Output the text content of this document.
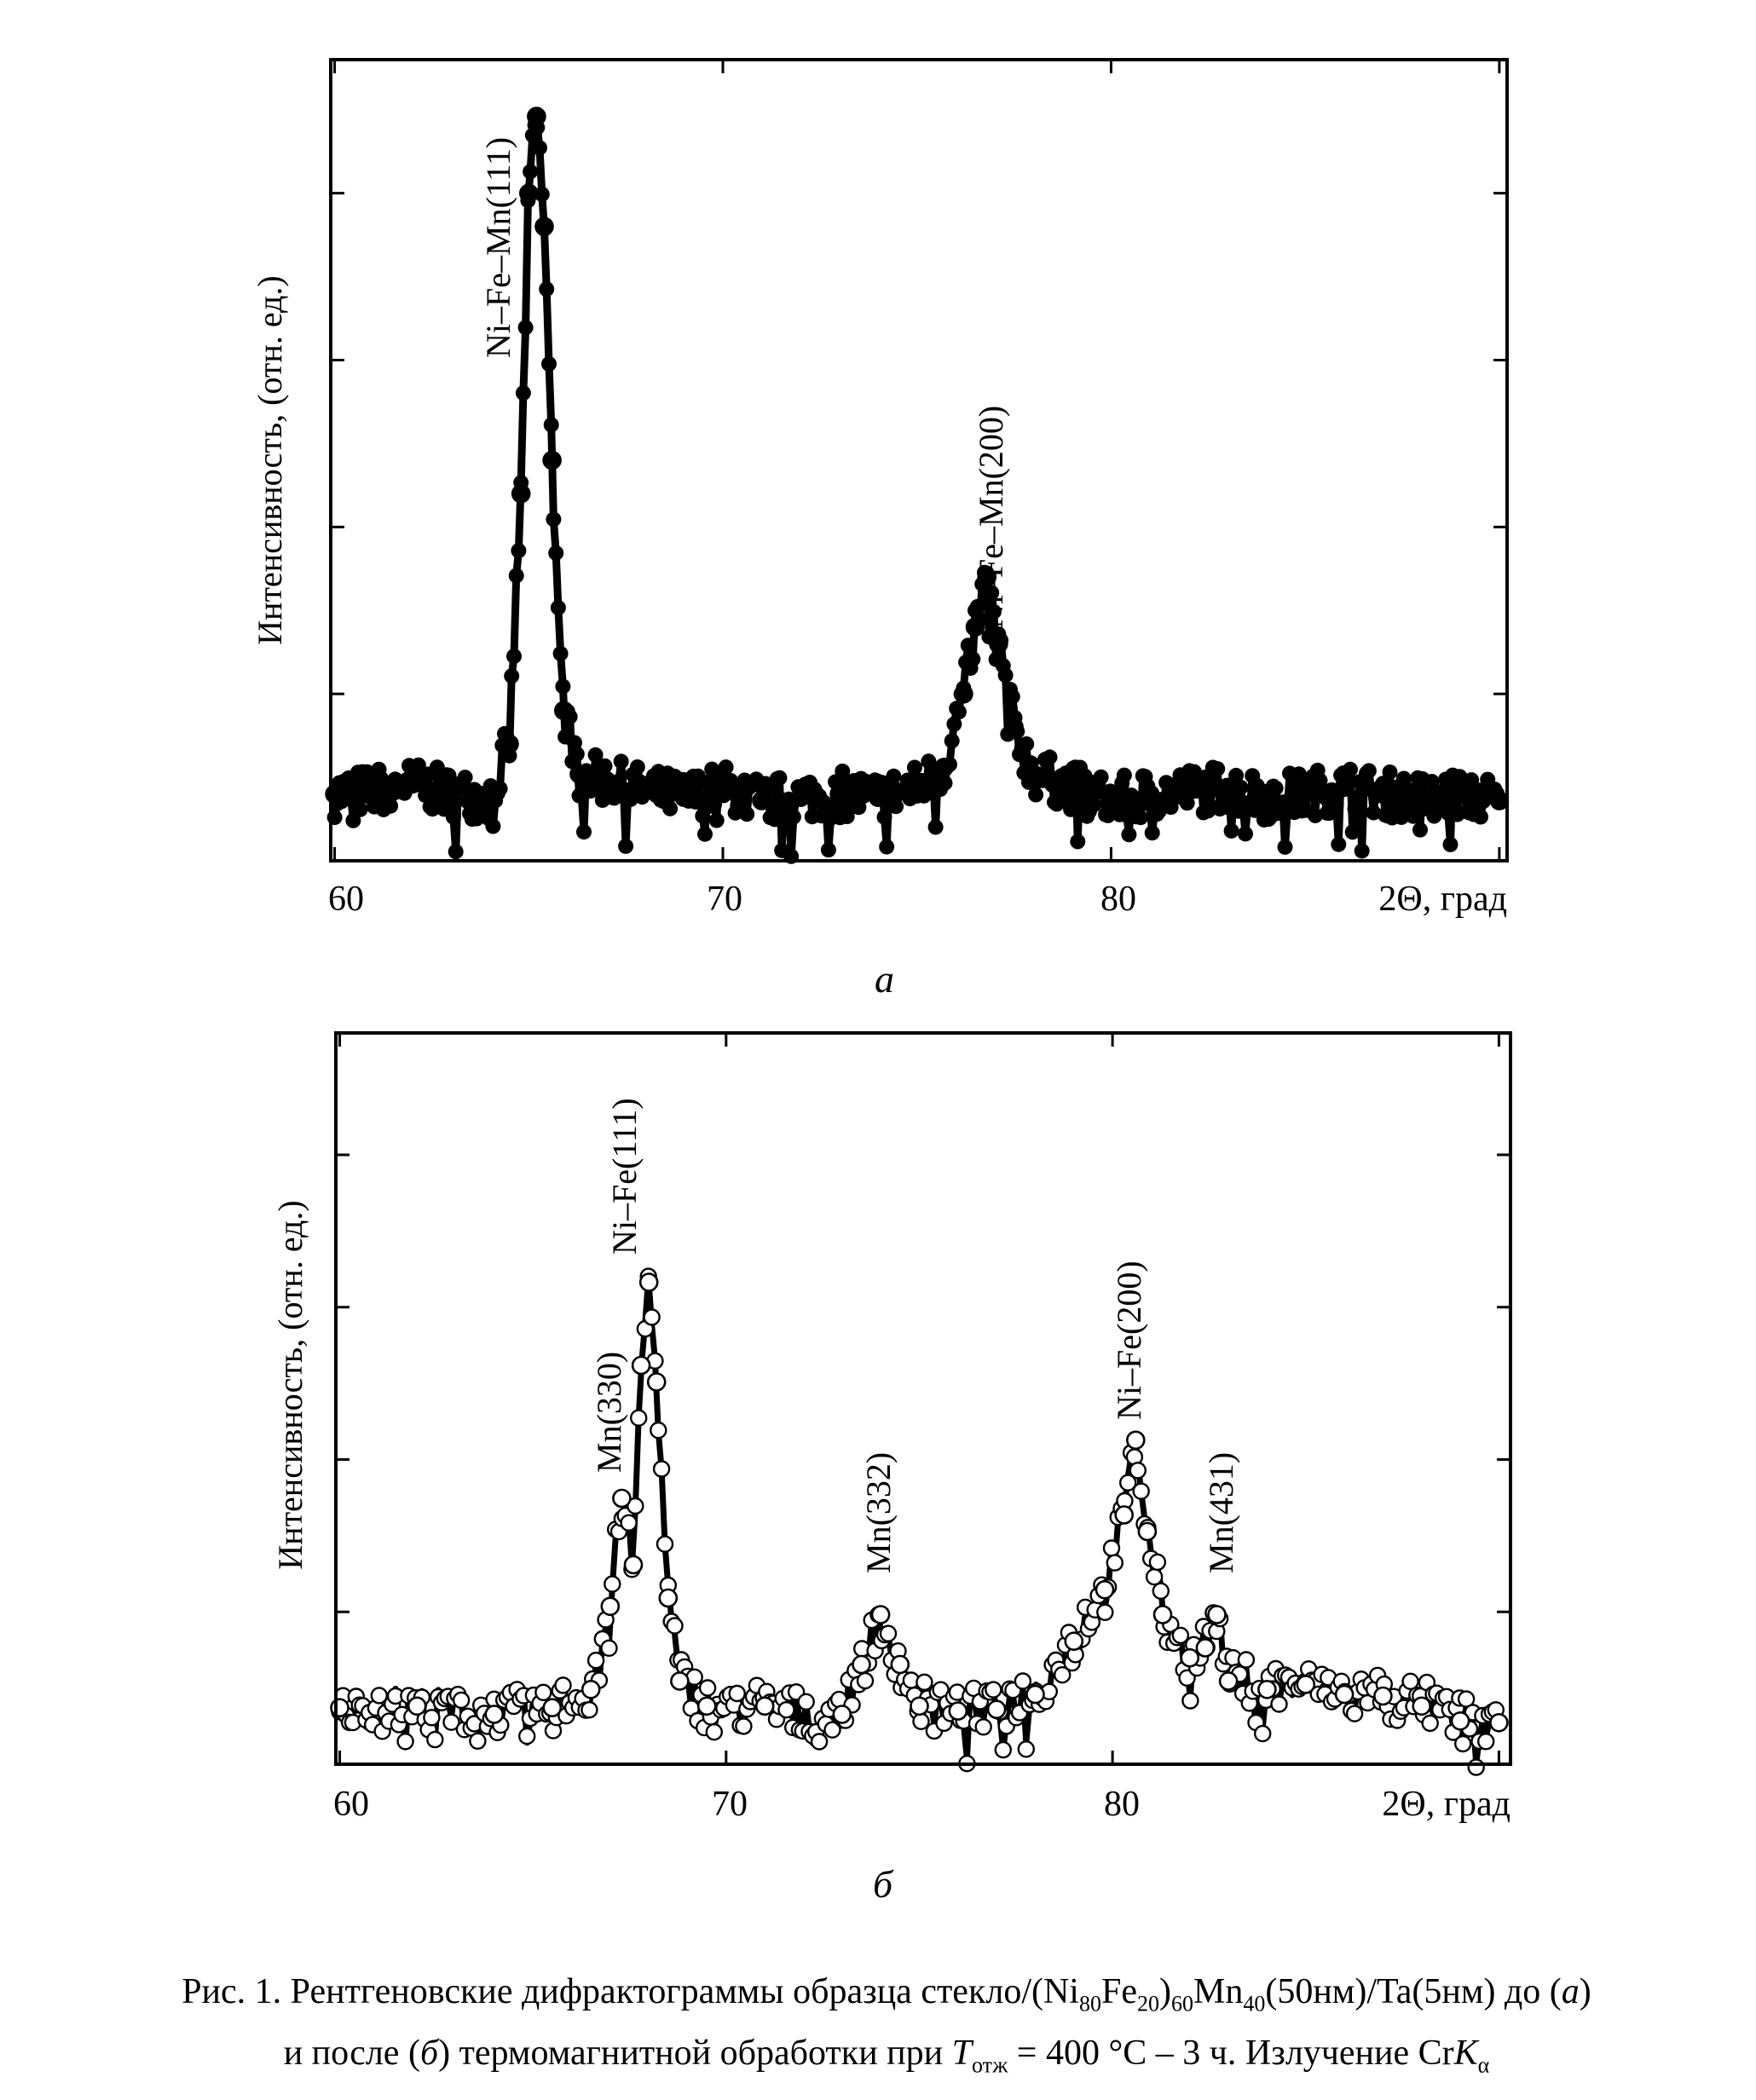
60	70	80	2Θ, град
Интенсивность, (отн. ед.)
Ni–Fe–Mn(111)
Ni–Fe–Mn(200)
а
60	70	80	2Θ, град
Интенсивность, (отн. ед.)	Mn(330)
Ni–Fe(111)
Mn(332)
Ni–Fe(200)
Mn(431)
б
Рис. 1. Рентгеновские дифрактограммы образца стекло/$(Ni_{80}Fe_{20})_{60}Mn_{40}(50нм)/Ta(5нм)$ до (а)
и после (б) термомагнитной обработки при $T_{отж} = 400$ °C – 3 ч. Излучение CrK$_\alpha$
